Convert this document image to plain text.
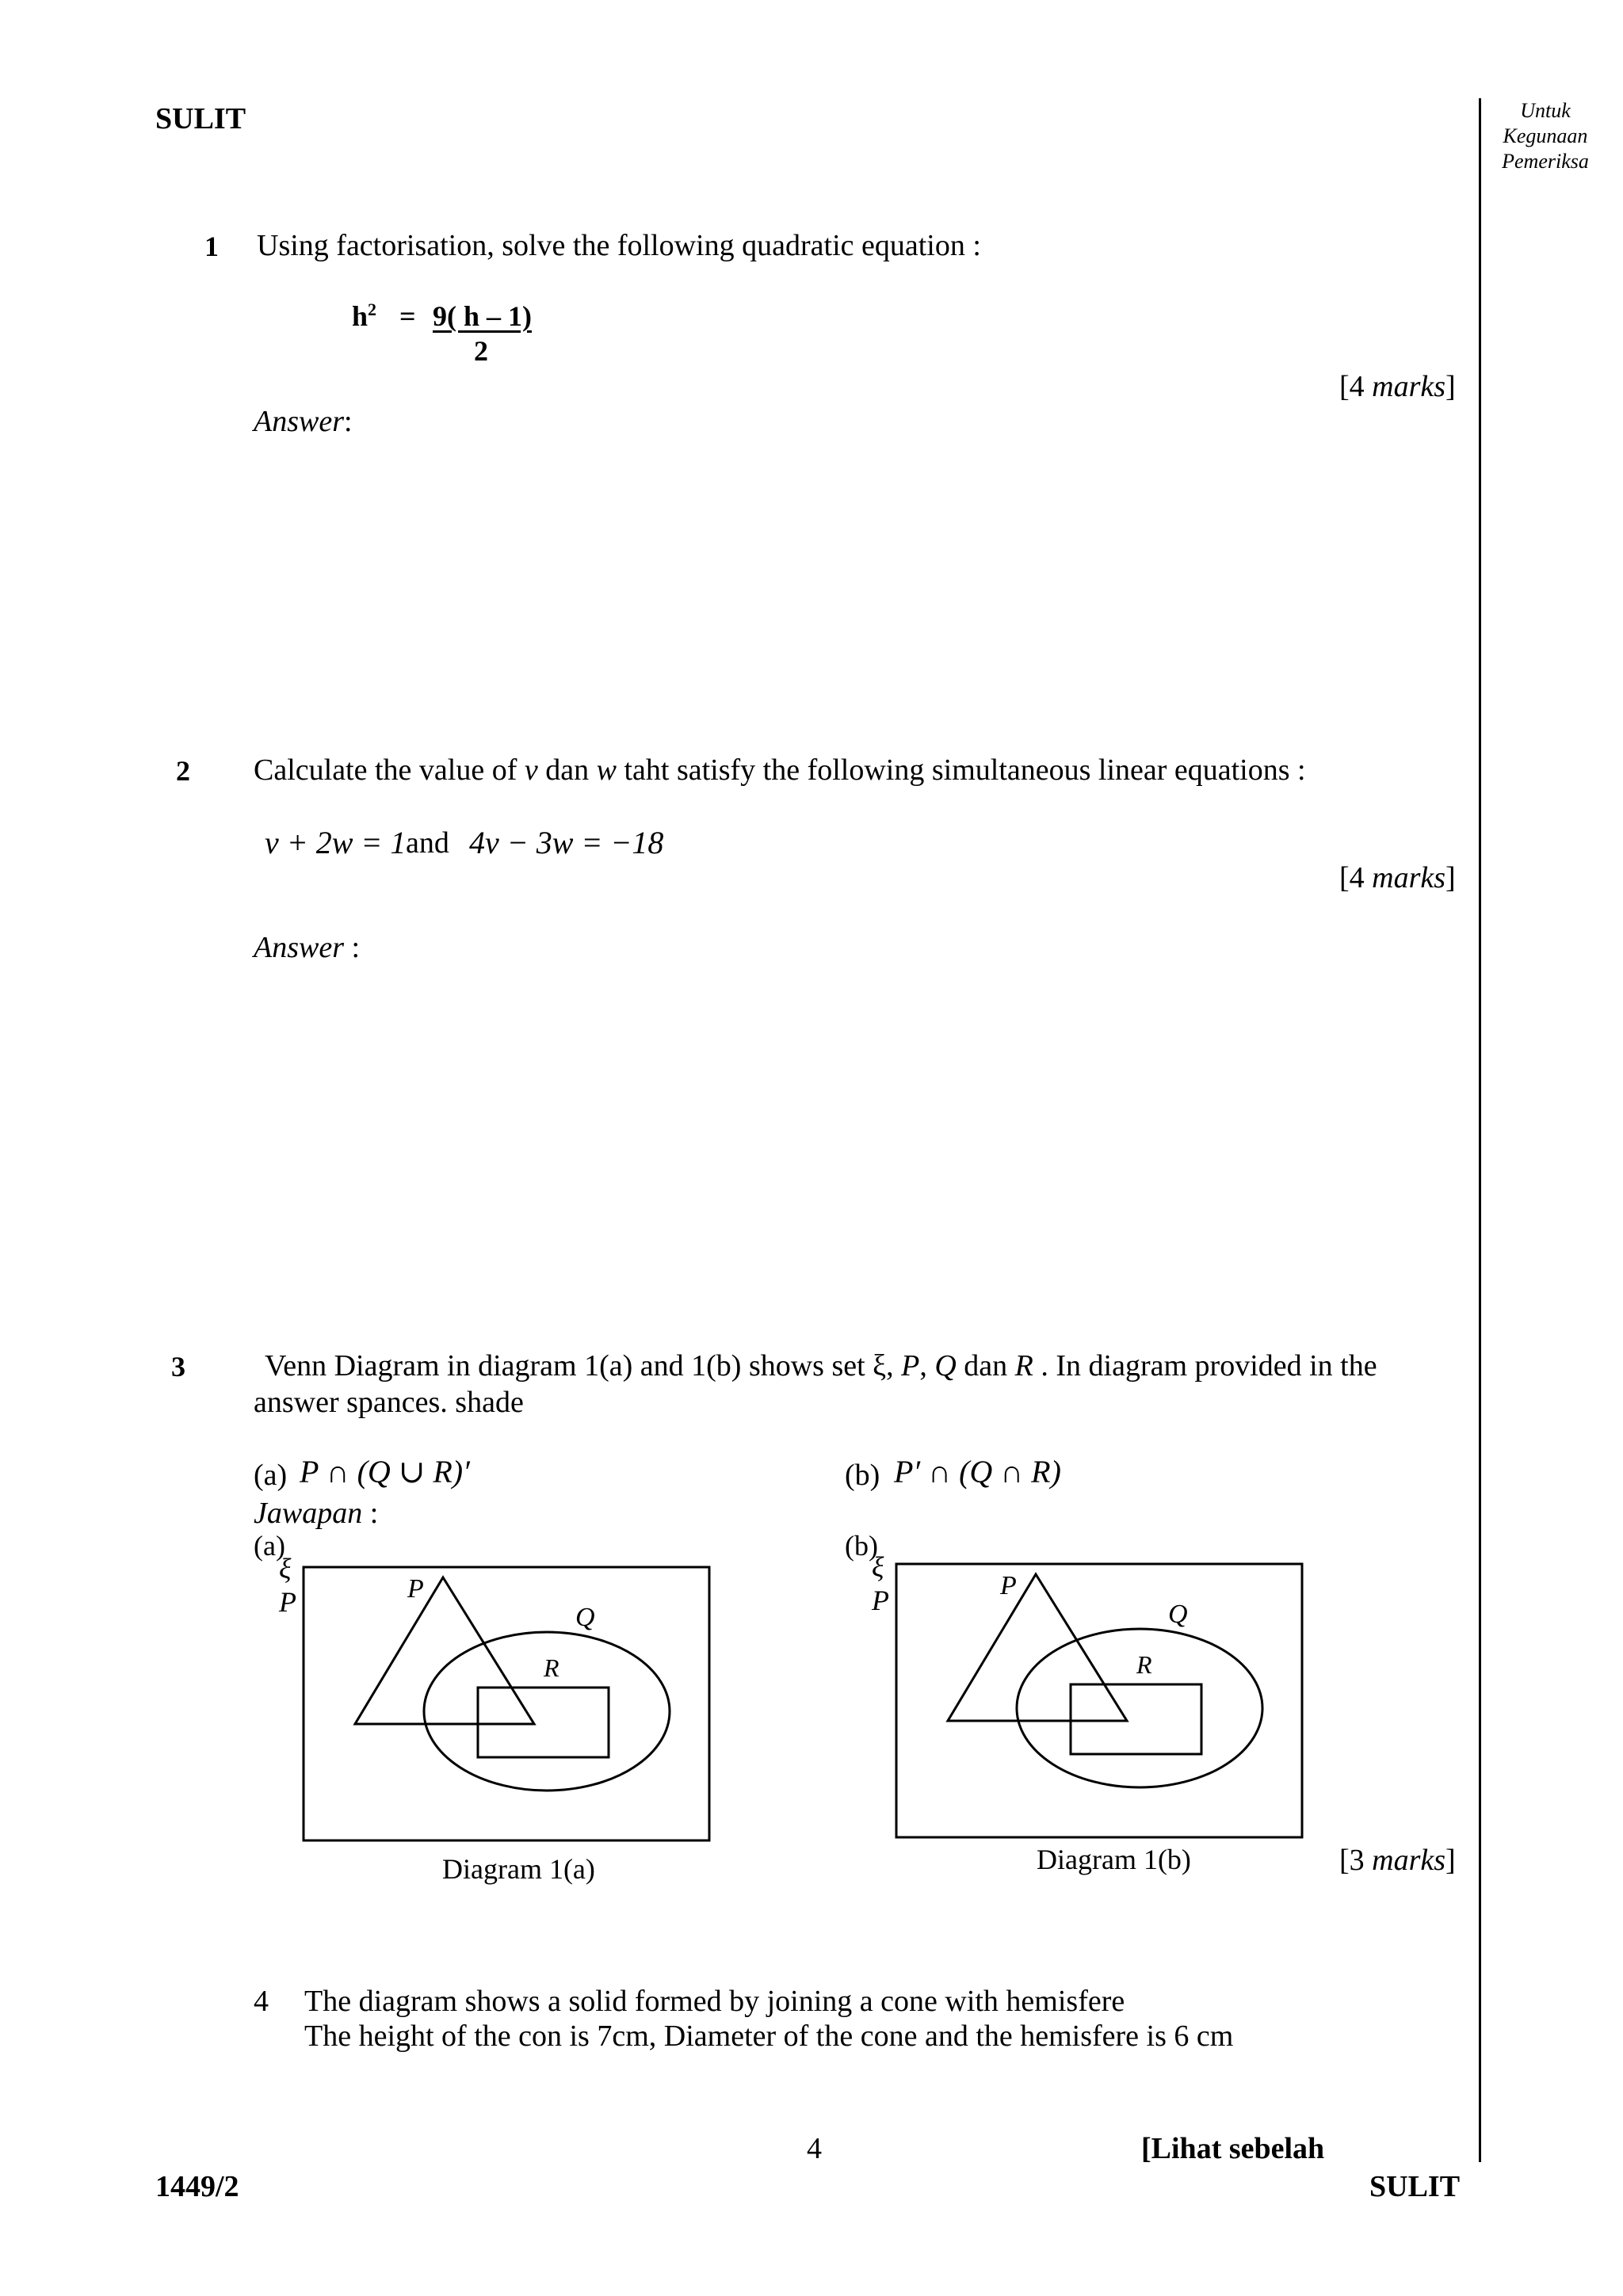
SULIT	Untuk
Kegunaan
Pemeriksa
1 Using factorisation, solve the following quadratic equation :
$h^2 = 9$( h – 1)
2
[4 marks]
Answer:
2 Calculate the value of v dan w taht satisfy the following simultaneous linear equations :
v + 2w = 1 and 4v − 3w = −18
[4 marks]
Answer :
3	Venn Diagram in diagram 1(a) and 1(b) shows set ξ, P, Q dan R . In diagram provided in the
answer spances. shade
(a) P ∩ (Q ∪ R)′	(b) P′ ∩ (Q ∩ R)
Jawapan :
(a)	(b)
ξ
P	P
Q
R
Diagram 1(a)
ξ
P	P
Q
R
Diagram 1(b)	[3 marks]
4 The diagram shows a solid formed by joining a cone with hemisfere
The height of the con is 7cm, Diameter of the cone and the hemisfere is 6 cm
4	[Lihat sebelah
1449/2	SULIT
